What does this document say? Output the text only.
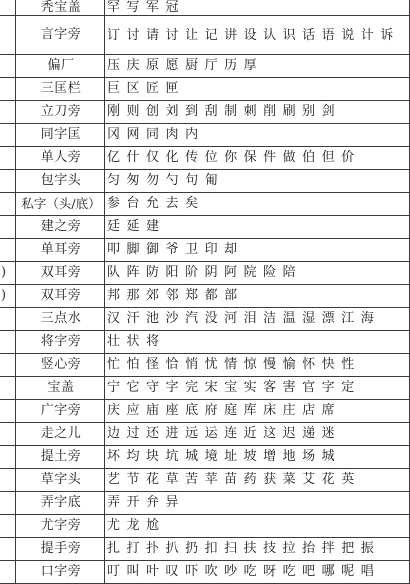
	秃宝盖	罕 写 军 冠
	言字旁	订 讨 请 讨 让 记 讲 设 认 识 话 语 说 计 诉
	偏厂	压 庆 原 愿 厨 厅 历 厚
	三匡栏	巨 区 匠 匣
	立刀旁	刚 则 创 刘 到 刮 制 刺 削 刷 别 剑
	同字匡	冈 网 同 肉 内
	单人旁	亿 什 仅 化 传 位 你 保 件 做 伯 但 价
	包字头	匀 匆 勿 勺 句 匍
	私字（头/底）	参 台 允 去 矣
	建之旁	廷 延 建
	单耳旁	叩 脚 御 爷 卫 印 却
)	双耳旁	队 阵 防 阳 阶 阴 阿 院 险 陪
)	双耳旁	邦 那 郊 邻 郑 都 部
	三点水	汉 汗 池 沙 汽 没 河 泪 洁 温 湿 漂 江 海
	将字旁	壮 状 将
	竖心旁	忙 怕 怪 恰 悄 忧 情 惊 慢 愉 怀 快 性
	宝盖	宁 它 守 字 完 宋 宝 实 客 害 官 字 定
	广字旁	庆 应 庙 座 底 府 庭 库 床 庄 店 席
	走之儿	边 过 还 进 远 运 连 近 这 迟 递 迷
	提土旁	坏 均 块 坑 城 境 址 坡 增 地 场 城
	草字头	艺 节 花 草 苦 苹 苗 药 获 菜 艾 花 英
	弄字底	弄 开 弁 异
	尤字旁	尤 龙 尬
	提手旁	扎 打 扑 扒 扔 扣 扫 扶 技 拉 抬 拌 把 振
	口字旁	叮 叫 叶 叹 吓 吹 吵 吃 呀 吃 吧 哪 呢 唱
